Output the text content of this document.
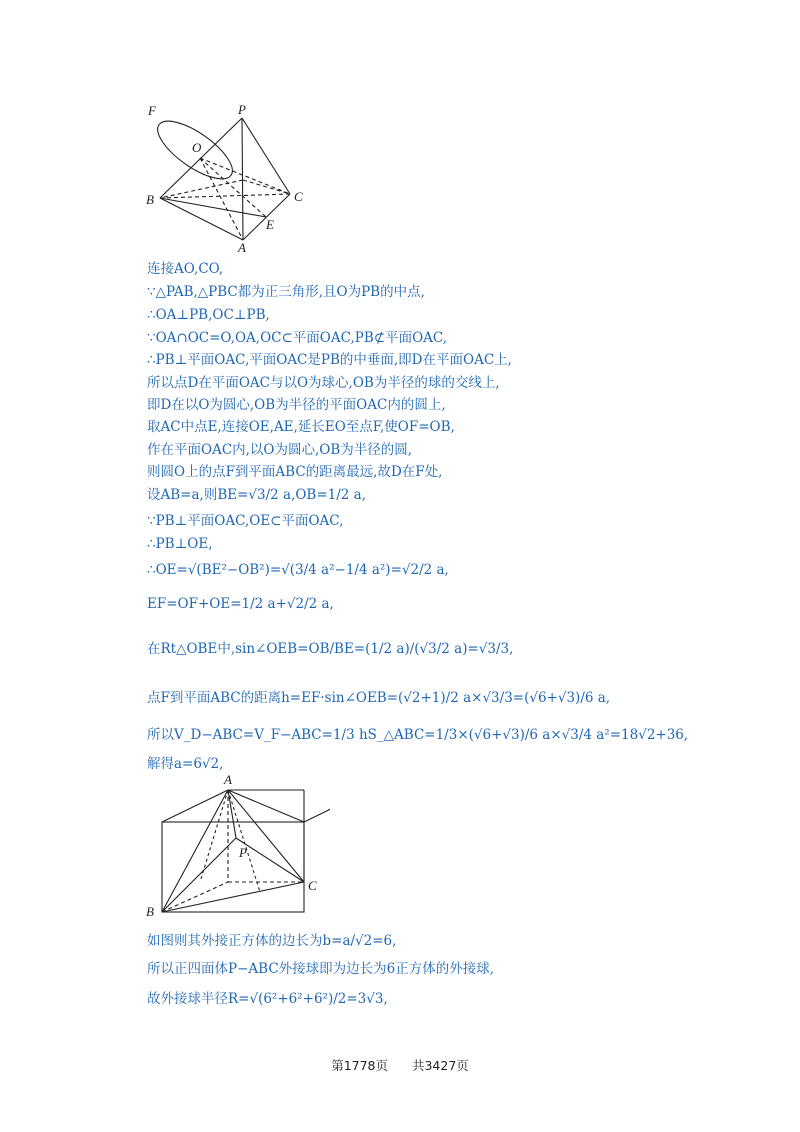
F	P
O
C
B
E
A
连接AO,CO,
∵△PAB,△PBC都为正三角形,且O为PB的中点,
∴OA⊥PB,OC⊥PB,
∵OA∩OC=O,OA,OC⊂平面OAC,PB⊄平面OAC,
∴PB⊥平面OAC,平面OAC是PB的中垂面,即D在平面OAC上,
所以点D在平面OAC与以O为球心,OB为半径的球的交线上,
即D在以O为圆心,OB为半径的平面OAC内的圆上,
取AC中点E,连接OE,AE,延长EO至点F,使OF=OB,
作在平面OAC内,以O为圆心,OB为半径的圆,
则圆O上的点F到平面ABC的距离最远,故D在F处,
设AB=a,则BE=√3/2 a,OB=1/2 a,
∵PB⊥平面OAC,OE⊂平面OAC,
∴PB⊥OE,
∴OE=√(BE²−OB²)=√(3/4 a²−1/4 a²)=√2/2 a,
EF=OF+OE=1/2 a+√2/2 a,
在Rt△OBE中,sin∠OEB=OB/BE=(1/2 a)/(√3/2 a)=√3/3,
点F到平面ABC的距离h=EF·sin∠OEB=(√2+1)/2 a×√3/3=(√6+√3)/6 a,
所以V_D−ABC=V_F−ABC=1/3 hS_△ABC=1/3×(√6+√3)/6 a×√3/4 a²=18√2+36,
解得a=6√2,
A
P
C
B
如图则其外接正方体的边长为b=a/√2=6,
所以正四面体P−ABC外接球即为边长为6正方体的外接球,
故外接球半径R=√(6²+6²+6²)/2=3√3,
第1778页 共3427页
